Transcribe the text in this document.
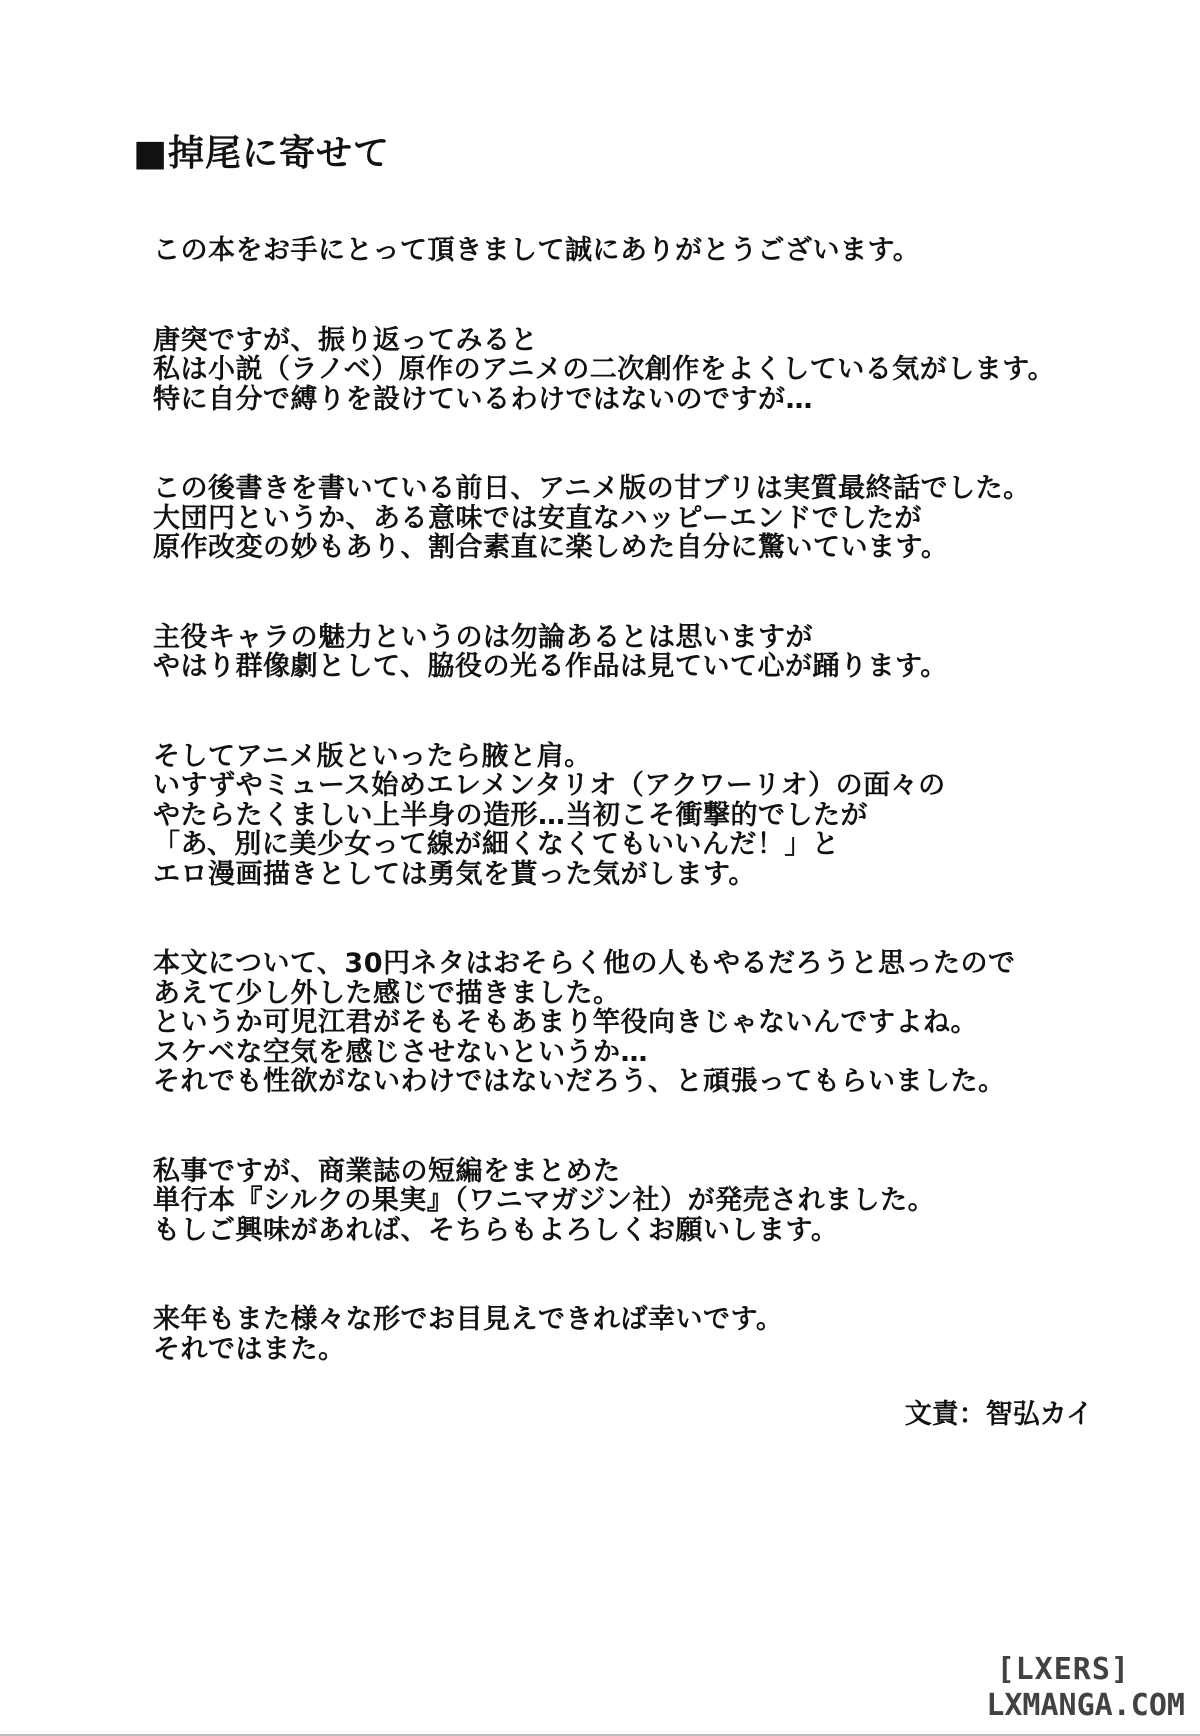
■掉尾に寄せて
この本をお手にとって頂きまして誠にありがとうございます。
唐突ですが、振り返ってみると
私は小説（ラノベ）原作のアニメの二次創作をよくしている気がします。
特に自分で縛りを設けているわけではないのですが…
この後書きを書いている前日、アニメ版の甘ブリは実質最終話でした。
大団円というか、ある意味では安直なハッピーエンドでしたが
原作改変の妙もあり、割合素直に楽しめた自分に驚いています。
主役キャラの魅力というのは勿論あるとは思いますが
やはり群像劇として、脇役の光る作品は見ていて心が踊ります。
そしてアニメ版といったら腋と肩。
いすずやミュース始めエレメンタリオ（アクワーリオ）の面々の
やたらたくましい上半身の造形…当初こそ衝撃的でしたが
「あ、別に美少女って線が細くなくてもいいんだ！」と
エロ漫画描きとしては勇気を貰った気がします。
本文について、30円ネタはおそらく他の人もやるだろうと思ったので
あえて少し外した感じで描きました。
というか可児江君がそもそもあまり竿役向きじゃないんですよね。
スケベな空気を感じさせないというか…
それでも性欲がないわけではないだろう、と頑張ってもらいました。
私事ですが、商業誌の短編をまとめた
単行本『シルクの果実』（ワニマガジン社）が発売されました。
もしご興味があれば、そちらもよろしくお願いします。
来年もまた様々な形でお目見えできれば幸いです。
それではまた。
文責：智弘カイ
[LXERS]
LXMANGA.COM
